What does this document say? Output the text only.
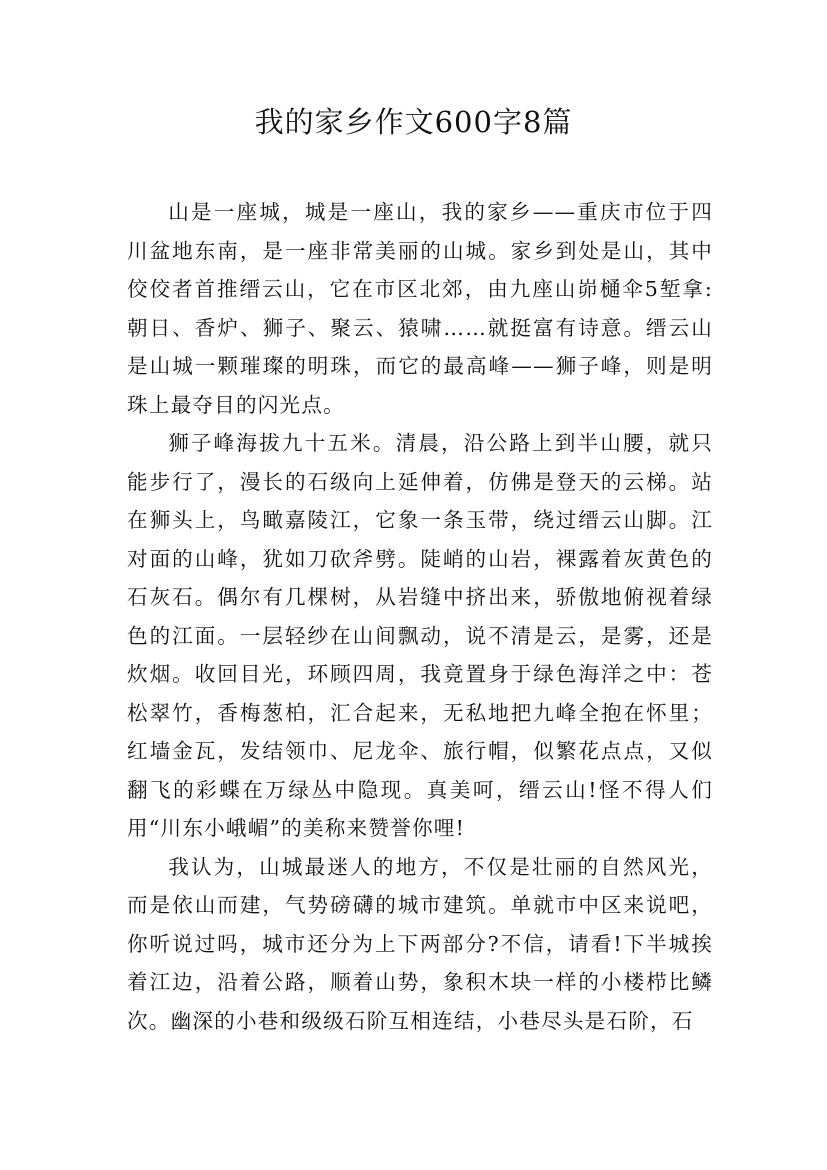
我的家乡作文600字8篇

山是一座城，城是一座山，我的家乡——重庆市位于四川盆地东南，是一座非常美丽的山城。家乡到处是山，其中佼佼者首推缙云山，它在市区北郊，由九座山峁樋伞5堑拿:朝日、香炉、狮子、聚云、猿啸……就挺富有诗意。缙云山是山城一颗璀璨的明珠，而它的最高峰——狮子峰，则是明珠上最夺目的闪光点。

狮子峰海拔九十五米。清晨，沿公路上到半山腰，就只能步行了，漫长的石级向上延伸着，仿佛是登天的云梯。站在狮头上，鸟瞰嘉陵江，它象一条玉带，绕过缙云山脚。江对面的山峰，犹如刀砍斧劈。陡峭的山岩，裸露着灰黄色的石灰石。偶尔有几棵树，从岩缝中挤出来，骄傲地俯视着绿色的江面。一层轻纱在山间飘动，说不清是云，是雾，还是炊烟。收回目光，环顾四周，我竟置身于绿色海洋之中：苍松翠竹，香梅葱柏，汇合起来，无私地把九峰全抱在怀里；红墙金瓦，发结领巾、尼龙伞、旅行帽，似繁花点点，又似翻飞的彩蝶在万绿丛中隐现。真美呵，缙云山!怪不得人们用“川东小峨嵋”的美称来赞誉你哩!

我认为，山城最迷人的地方，不仅是壮丽的自然风光，而是依山而建，气势磅礴的城市建筑。单就市中区来说吧，你听说过吗，城市还分为上下两部分?不信，请看!下半城挨着江边，沿着公路，顺着山势，象积木块一样的小楼栉比鳞次。幽深的小巷和级级石阶互相连结，小巷尽头是石阶，石
